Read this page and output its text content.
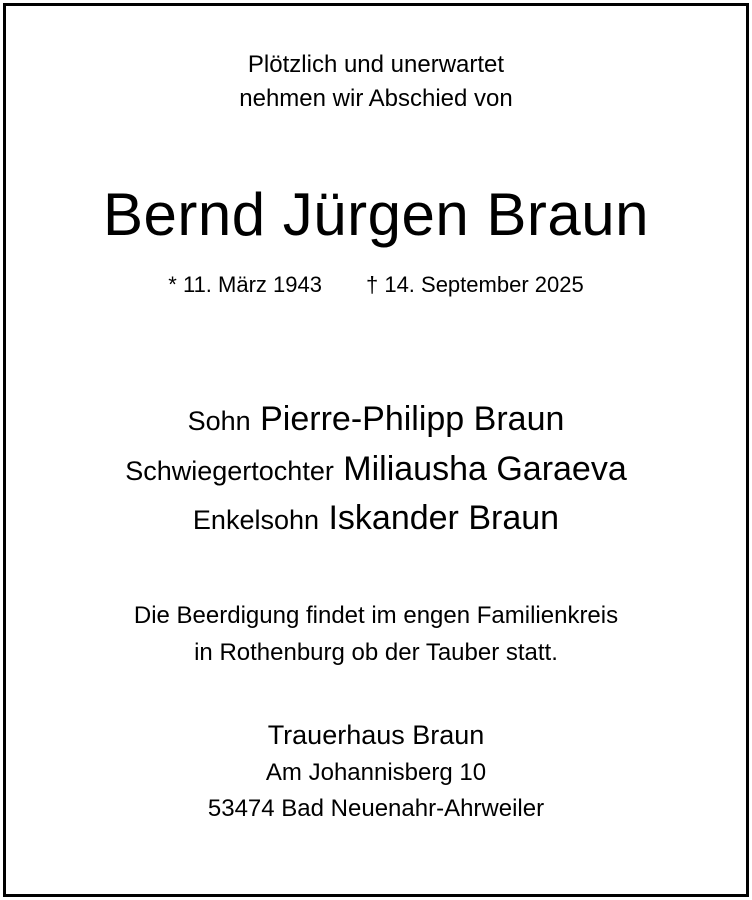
Plötzlich und unerwartet
nehmen wir Abschied von
Bernd Jürgen Braun
* 11. März 1943 † 14. September 2025
Sohn Pierre-Philipp Braun
Schwiegertochter Miliausha Garaeva
Enkelsohn Iskander Braun
Die Beerdigung findet im engen Familienkreis
in Rothenburg ob der Tauber statt.
Trauerhaus Braun
Am Johannisberg 10
53474 Bad Neuenahr-Ahrweiler
